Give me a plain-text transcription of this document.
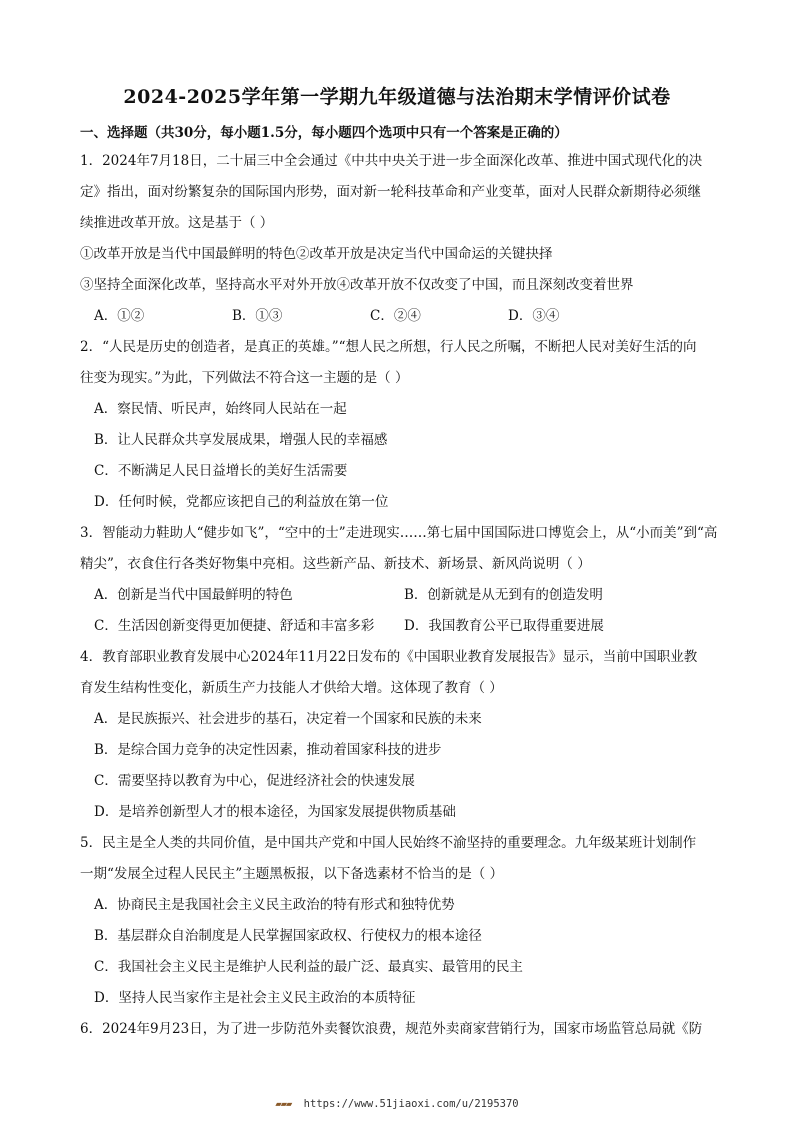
2024-2025学年第一学期九年级道德与法治期末学情评价试卷
一、选择题（共30分，每小题1.5分，每小题四个选项中只有一个答案是正确的）

1．2024年7月18日，二十届三中全会通过《中共中央关于进一步全面深化改革、推进中国式现代化的决

定》指出，面对纷繁复杂的国际国内形势，面对新一轮科技革命和产业变革，面对人民群众新期待必须继

续推进改革开放。这是基于（ ）

①改革开放是当代中国最鲜明的特色②改革开放是决定当代中国命运的关键抉择

③坚持全面深化改革，坚持高水平对外开放④改革开放不仅改变了中国，而且深刻改变着世界

A．①②	B．①③	C．②④	D．③④

2．“人民是历史的创造者，是真正的英雄。”“想人民之所想，行人民之所嘱，不断把人民对美好生活的向

往变为现实。”为此，下列做法不符合这一主题的是（ ）

A．察民情、听民声，始终同人民站在一起

B．让人民群众共享发展成果，增强人民的幸福感

C．不断满足人民日益增长的美好生活需要

D．任何时候，党都应该把自己的利益放在第一位

3．智能动力鞋助人“健步如飞”，“空中的士”走进现实……第七届中国国际进口博览会上，从“小而美”到“高

精尖”，衣食住行各类好物集中亮相。这些新产品、新技术、新场景、新风尚说明（ ）

A．创新是当代中国最鲜明的特色	B．创新就是从无到有的创造发明
C．生活因创新变得更加便捷、舒适和丰富多彩	D．我国教育公平已取得重要进展

4．教育部职业教育发展中心2024年11月22日发布的《中国职业教育发展报告》显示，当前中国职业教

育发生结构性变化，新质生产力技能人才供给大增。这体现了教育（ ）

A．是民族振兴、社会进步的基石，决定着一个国家和民族的未来

B．是综合国力竞争的决定性因素，推动着国家科技的进步

C．需要坚持以教育为中心，促进经济社会的快速发展

D．是培养创新型人才的根本途径，为国家发展提供物质基础

5．民主是全人类的共同价值，是中国共产党和中国人民始终不渝坚持的重要理念。九年级某班计划制作

一期“发展全过程人民民主”主题黑板报，以下备选素材不恰当的是（ ）

A．协商民主是我国社会主义民主政治的特有形式和独特优势

B．基层群众自治制度是人民掌握国家政权、行使权力的根本途径

C．我国社会主义民主是维护人民利益的最广泛、最真实、最管用的民主

D．坚持人民当家作主是社会主义民主政治的本质特征

6．2024年9月23日，为了进一步防范外卖餐饮浪费，规范外卖商家营销行为，国家市场监管总局就《防

▰▰▰ https://www.51jiaoxi.com/u/2195370
